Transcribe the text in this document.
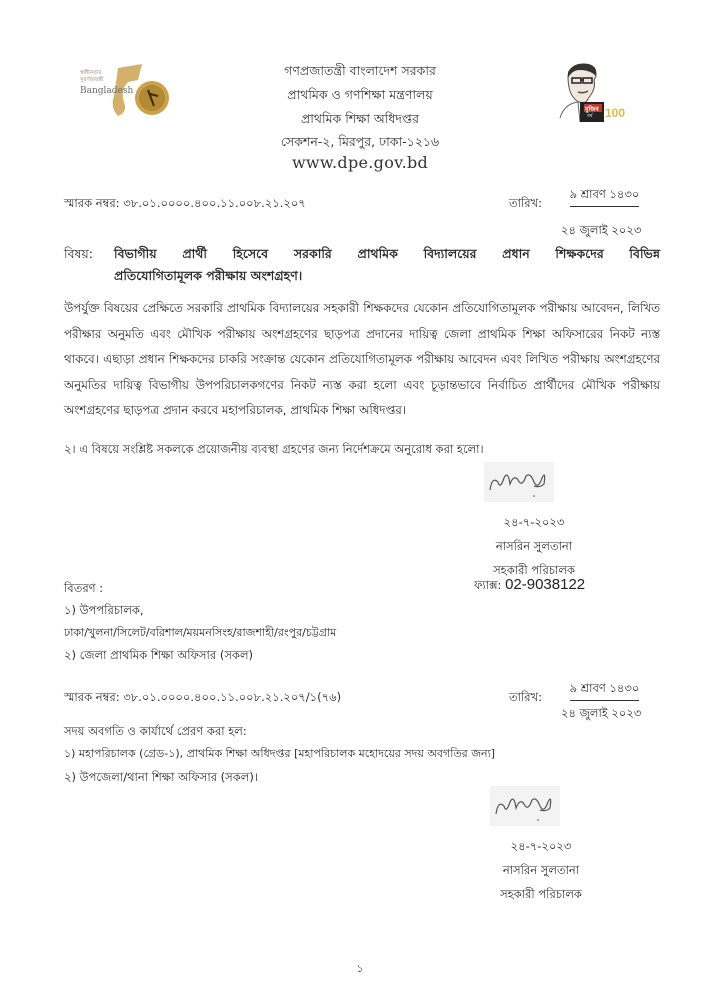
স্বাধীনতার
সুবর্ণজয়ন্তী
Bangladesh
মুজিব
বর্ষ 100
গণপ্রজাতন্ত্রী বাংলাদেশ সরকার
প্রাথমিক ও গণশিক্ষা মন্ত্রণালয়
প্রাথমিক শিক্ষা অধিদপ্তর
সেকশন-২, মিরপুর, ঢাকা-১২১৬
www.dpe.gov.bd
স্মারক নম্বর: ৩৮.০১.০০০০.৪০০.১১.০০৮.২১.২০৭	তারিখ:
৯ শ্রাবণ ১৪৩০
২৪ জুলাই ২০২৩
বিষয়: বিভাগীয় প্রার্থী হিসেবে সরকারি প্রাথমিক বিদ্যালয়ের প্রধান শিক্ষকদের বিভিন্ন
প্রতিযোগিতামূলক পরীক্ষায় অংশগ্রহণ।
উপর্যুক্ত বিষয়ের প্রেক্ষিতে সরকারি প্রাথমিক বিদ্যালয়ের সহকারী শিক্ষকদের যেকোন প্রতিযোগিতামূলক পরীক্ষায় আবেদন, লিখিত পরীক্ষার অনুমতি এবং মৌখিক পরীক্ষায় অংশগ্রহণের ছাড়পত্র প্রদানের দায়িত্ব জেলা প্রাথমিক শিক্ষা অফিসারের নিকট ন্যস্ত থাকবে। এছাড়া প্রধান শিক্ষকদের চাকরি সংক্রান্ত যেকোন প্রতিযোগিতামূলক পরীক্ষায় আবেদন এবং লিখিত পরীক্ষায় অংশগ্রহণের অনুমতির দায়িত্ব বিভাগীয় উপপরিচালকগণের নিকট ন্যস্ত করা হলো এবং চূড়ান্তভাবে নির্বাচিত প্রার্থীদের মৌখিক পরীক্ষায় অংশগ্রহণের ছাড়পত্র প্রদান করবে মহাপরিচালক, প্রাথমিক শিক্ষা অধিদপ্তর।
২। এ বিষয়ে সংশ্লিষ্ট সকলকে প্রয়োজনীয় ব্যবস্থা গ্রহণের জন্য নির্দেশক্রমে অনুরোধ করা হলো।
২৪-৭-২০২৩
নাসরিন সুলতানা
সহকারী পরিচালক
ফ্যাক্স: 02-9038122
বিতরণ :
১) উপপরিচালক,
ঢাকা/খুলনা/সিলেট/বরিশাল/ময়মনসিংহ/রাজশাহী/রংপুর/চট্টগ্রাম
২) জেলা প্রাথমিক শিক্ষা অফিসার (সকল)
স্মারক নম্বর: ৩৮.০১.০০০০.৪০০.১১.০০৮.২১.২০৭/১(৭৬)	তারিখ:
৯ শ্রাবণ ১৪৩০
২৪ জুলাই ২০২৩
সদয় অবগতি ও কার্যার্থে প্রেরণ করা হল:
১) মহাপরিচালক (গ্রেড-১), প্রাথমিক শিক্ষা অধিদপ্তর [মহাপরিচালক মহোদয়ের সদয় অবগতির জন্য]
২) উপজেলা/থানা শিক্ষা অফিসার (সকল)।
২৪-৭-২০২৩
নাসরিন সুলতানা
সহকারী পরিচালক
১
